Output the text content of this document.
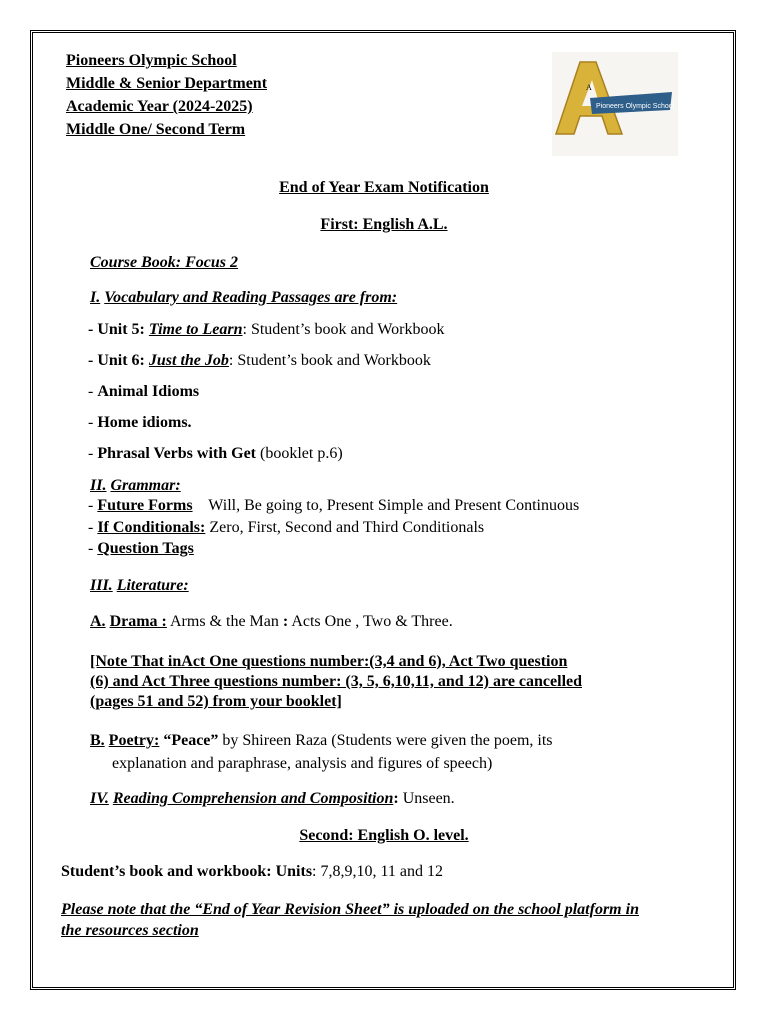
Pioneers Olympic School
Middle & Senior Department
Academic Year (2024-2025)
Middle One/ Second Term
A
Pioneers Olympic School
End of Year Exam Notification
First: English A.L.
Course Book: Focus 2
I. Vocabulary and Reading Passages are from:
- Unit 5: Time to Learn: Student’s book and Workbook
- Unit 6: Just the Job: Student’s book and Workbook
- Animal Idioms
- Home idioms.
- Phrasal Verbs with Get (booklet p.6)
II. Grammar:
- Future Forms    Will, Be going to, Present Simple and Present Continuous
- If Conditionals: Zero, First, Second and Third Conditionals
- Question Tags
III. Literature:
A. Drama : Arms & the Man : Acts One , Two & Three.
[Note That inAct One questions number:(3,4 and 6), Act Two question
(6) and Act Three questions number: (3, 5, 6,10,11, and 12) are cancelled
(pages 51 and 52) from your booklet]
B. Poetry: “Peace” by Shireen Raza (Students were given the poem, its
explanation and paraphrase, analysis and figures of speech)
IV. Reading Comprehension and Composition: Unseen.
Second: English O. level.
Student’s book and workbook: Units: 7,8,9,10, 11 and 12
Please note that the “End of Year Revision Sheet” is uploaded on the school platform in
the resources section
